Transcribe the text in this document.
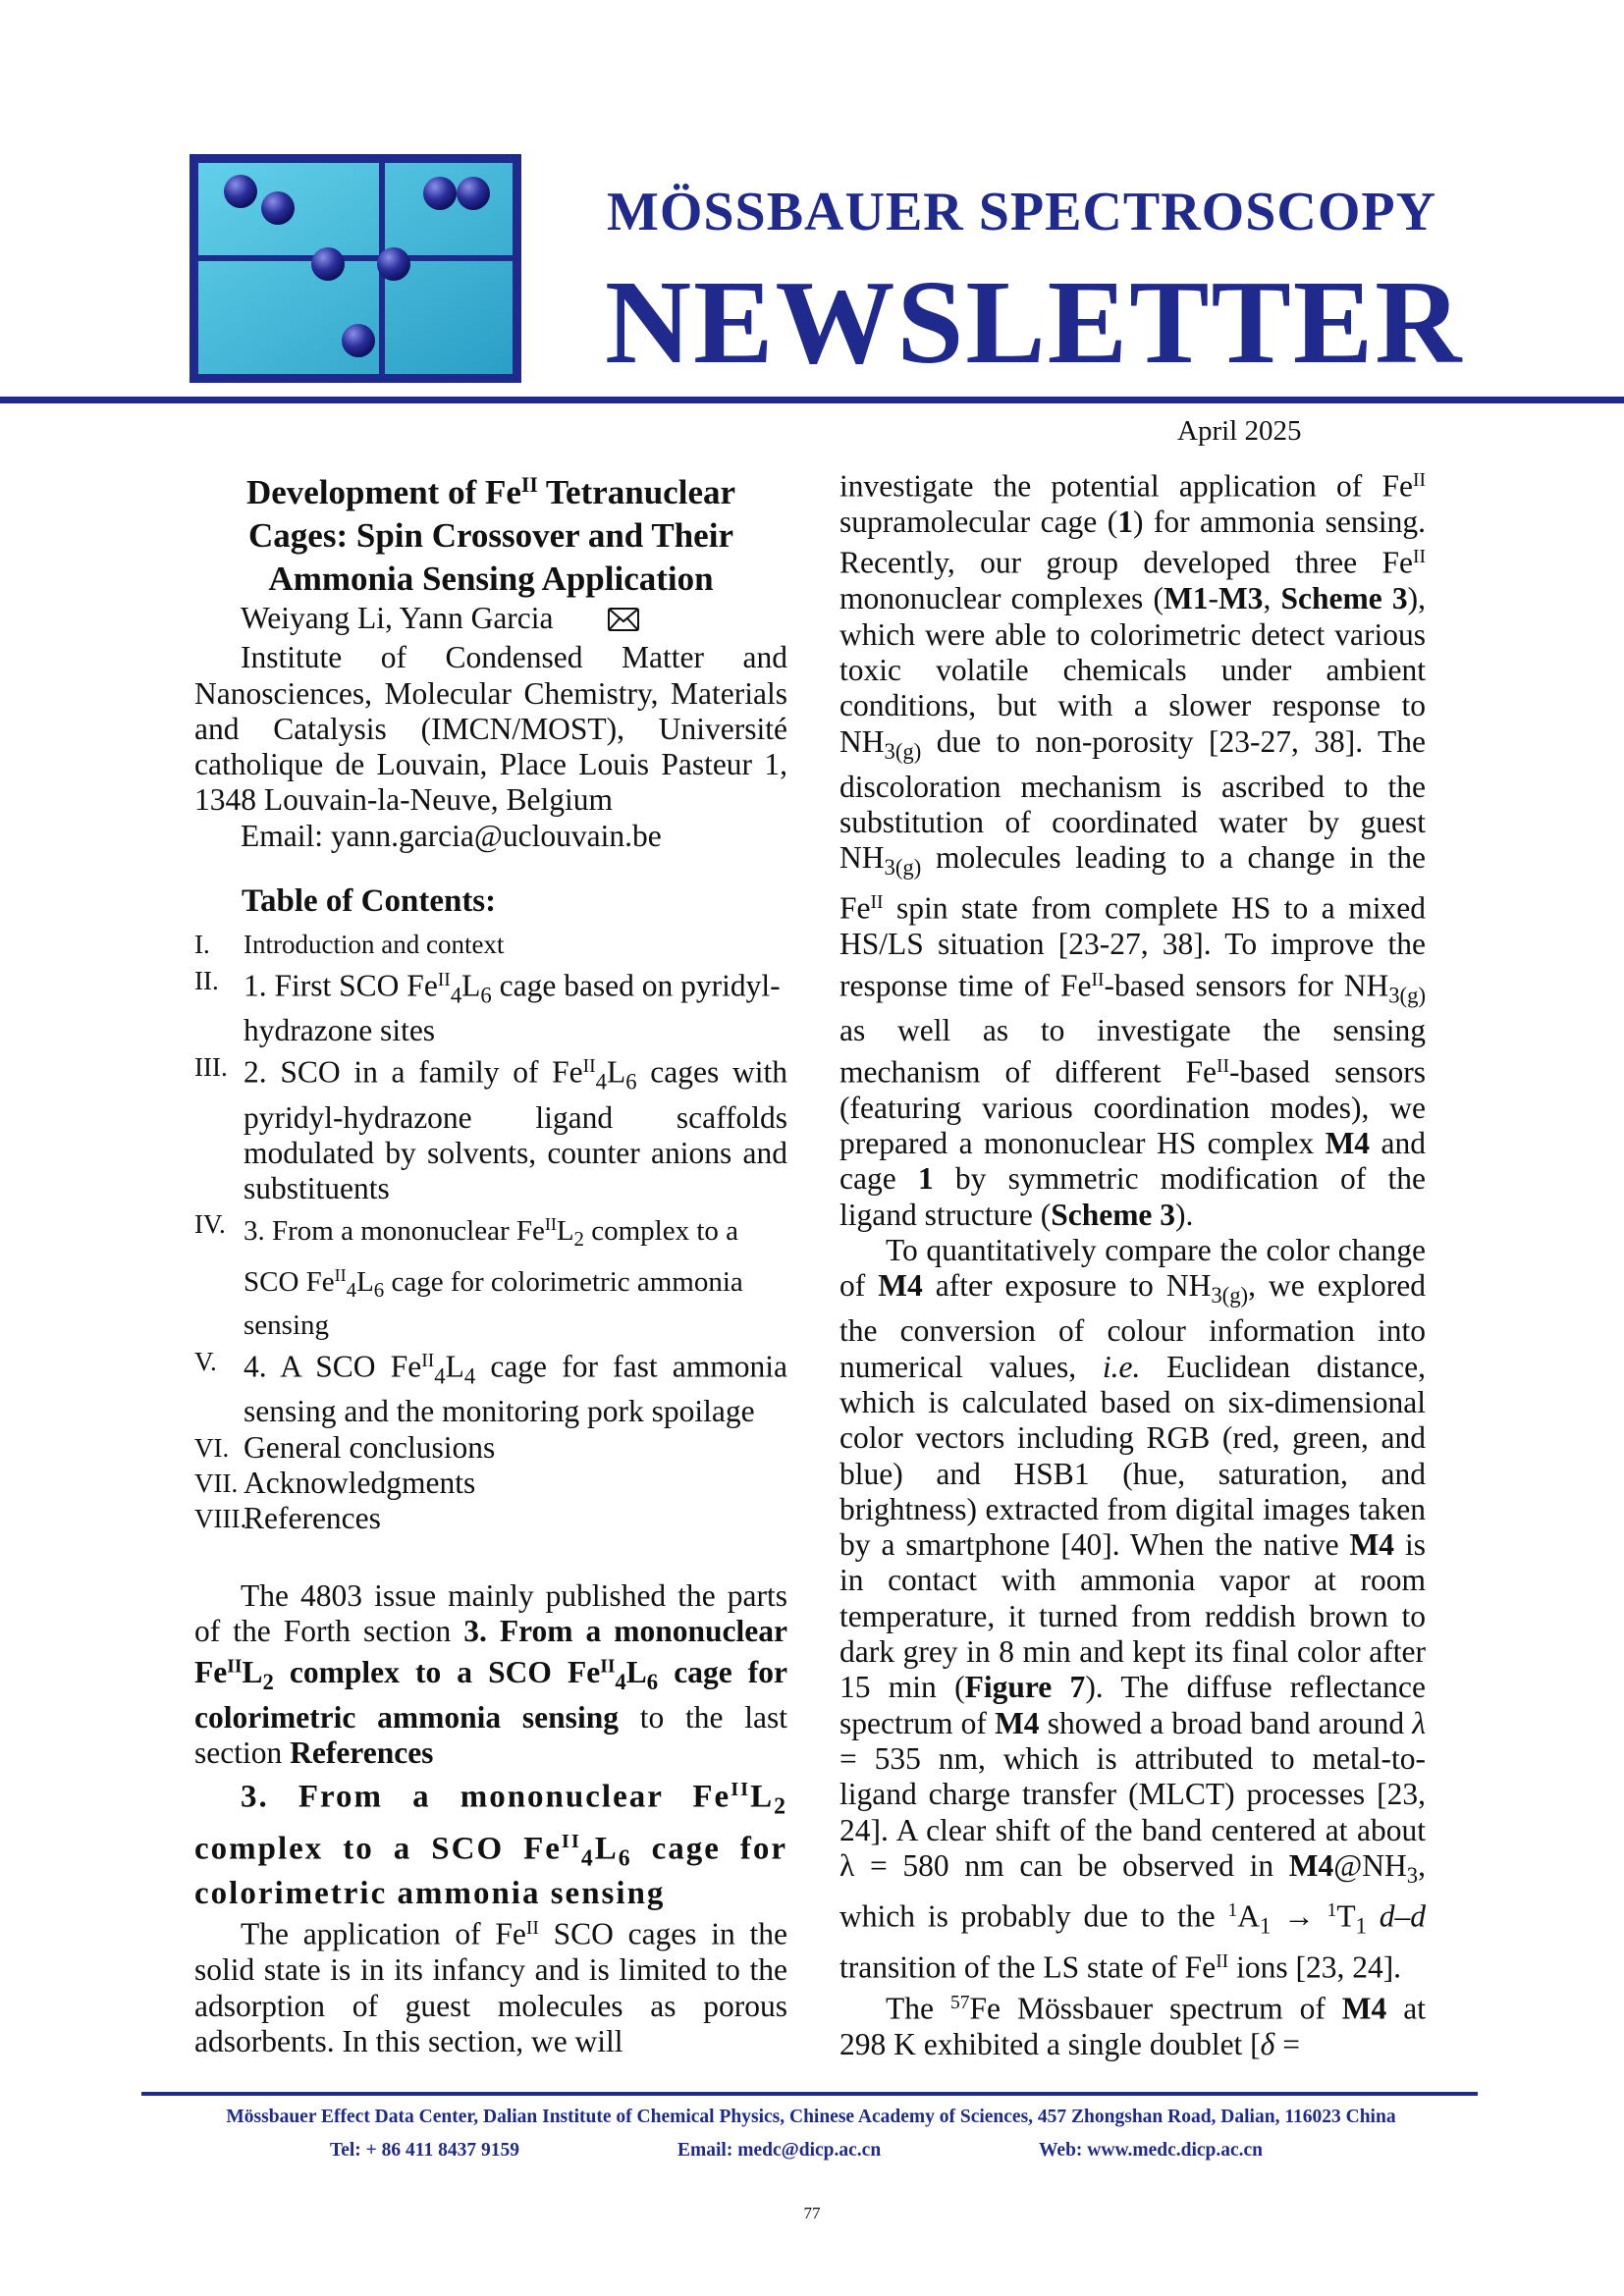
MÖSSBAUER SPECTROSCOPY
NEWSLETTER
April 2025

Development of $Fe^{II}$ Tetranuclear Cages: Spin Crossover and Their Ammonia Sensing Application

Weiyang Li, Yann Garcia

Institute of Condensed Matter and Nanosciences, Molecular Chemistry, Materials and Catalysis (IMCN/MOST), Université catholique de Louvain, Place Louis Pasteur 1, 1348 Louvain-la-Neuve, Belgium

Email: yann.garcia@uclouvain.be

Table of Contents:
I.	Introduction and context
II. 1. First SCO $Fe^{II}_4L_6$ cage based on pyridyl-hydrazone sites
III. 2. SCO in a family of $Fe^{II}_4L_6$ cages with pyridyl-hydrazone ligand scaffolds modulated by solvents, counter anions and substituents
IV. 3. From a mononuclear $Fe^{II}L_2$ complex to a SCO $Fe^{II}_4L_6$ cage for colorimetric ammonia sensing
V. 4. A SCO $Fe^{II}_4L_4$ cage for fast ammonia sensing and the monitoring pork spoilage
VI. General conclusions
VII. Acknowledgments
VIII.
References

The 4803 issue mainly published the parts of the Forth section 3. From a mononuclear $Fe^{II}L_2$ complex to a SCO $Fe^{II}_4L_6$ cage for colorimetric ammonia sensing to the last section References

3. From a mononuclear $Fe^{II}L_2$ complex to a SCO $Fe^{II}_4L_6$ cage for colorimetric ammonia sensing

The application of $Fe^{II}$ SCO cages in the solid state is in its infancy and is limited to the adsorption of guest molecules as porous adsorbents. In this section, we will

investigate the potential application of $Fe^{II}$ supramolecular cage (1) for ammonia sensing. Recently, our group developed three $Fe^{II}$ mononuclear complexes (M1-M3, Scheme 3), which were able to colorimetric detect various toxic volatile chemicals under ambient conditions, but with a slower response to $NH_{3(g)}$ due to non-porosity [23-27, 38]. The discoloration mechanism is ascribed to the substitution of coordinated water by guest $NH_{3(g)}$ molecules leading to a change in the $Fe^{II}$ spin state from complete HS to a mixed HS/LS situation [23-27, 38]. To improve the response time of $Fe^{II}$-based sensors for $NH_{3(g)}$ as well as to investigate the sensing mechanism of different $Fe^{II}$-based sensors (featuring various coordination modes), we prepared a mononuclear HS complex M4 and cage 1 by symmetric modification of the ligand structure (Scheme 3).

To quantitatively compare the color change of M4 after exposure to $NH_{3(g)}$, we explored the conversion of colour information into numerical values, i.e. Euclidean distance, which is calculated based on six-dimensional color vectors including RGB (red, green, and blue) and HSB1 (hue, saturation, and brightness) extracted from digital images taken by a smartphone [40]. When the native M4 is in contact with ammonia vapor at room temperature, it turned from reddish brown to dark grey in 8 min and kept its final color after 15 min (Figure 7). The diffuse reflectance spectrum of M4 showed a broad band around λ = 535 nm, which is attributed to metal-to-ligand charge transfer (MLCT) processes [23, 24]. A clear shift of the band centered at about λ = 580 nm can be observed in $M4@NH_3$, which is probably due to the $^1A_1 \to ^1T_1$ d–d transition of the LS state of $Fe^{II}$ ions [23, 24].

The $^{57}$Fe Mössbauer spectrum of M4 at 298 K exhibited a single doublet [δ =

Mössbauer Effect Data Center, Dalian Institute of Chemical Physics, Chinese Academy of Sciences, 457 Zhongshan Road, Dalian, 116023 China
Tel: + 86 411 8437 9159	Email: medc@dicp.ac.cn	Web: www.medc.dicp.ac.cn
77
